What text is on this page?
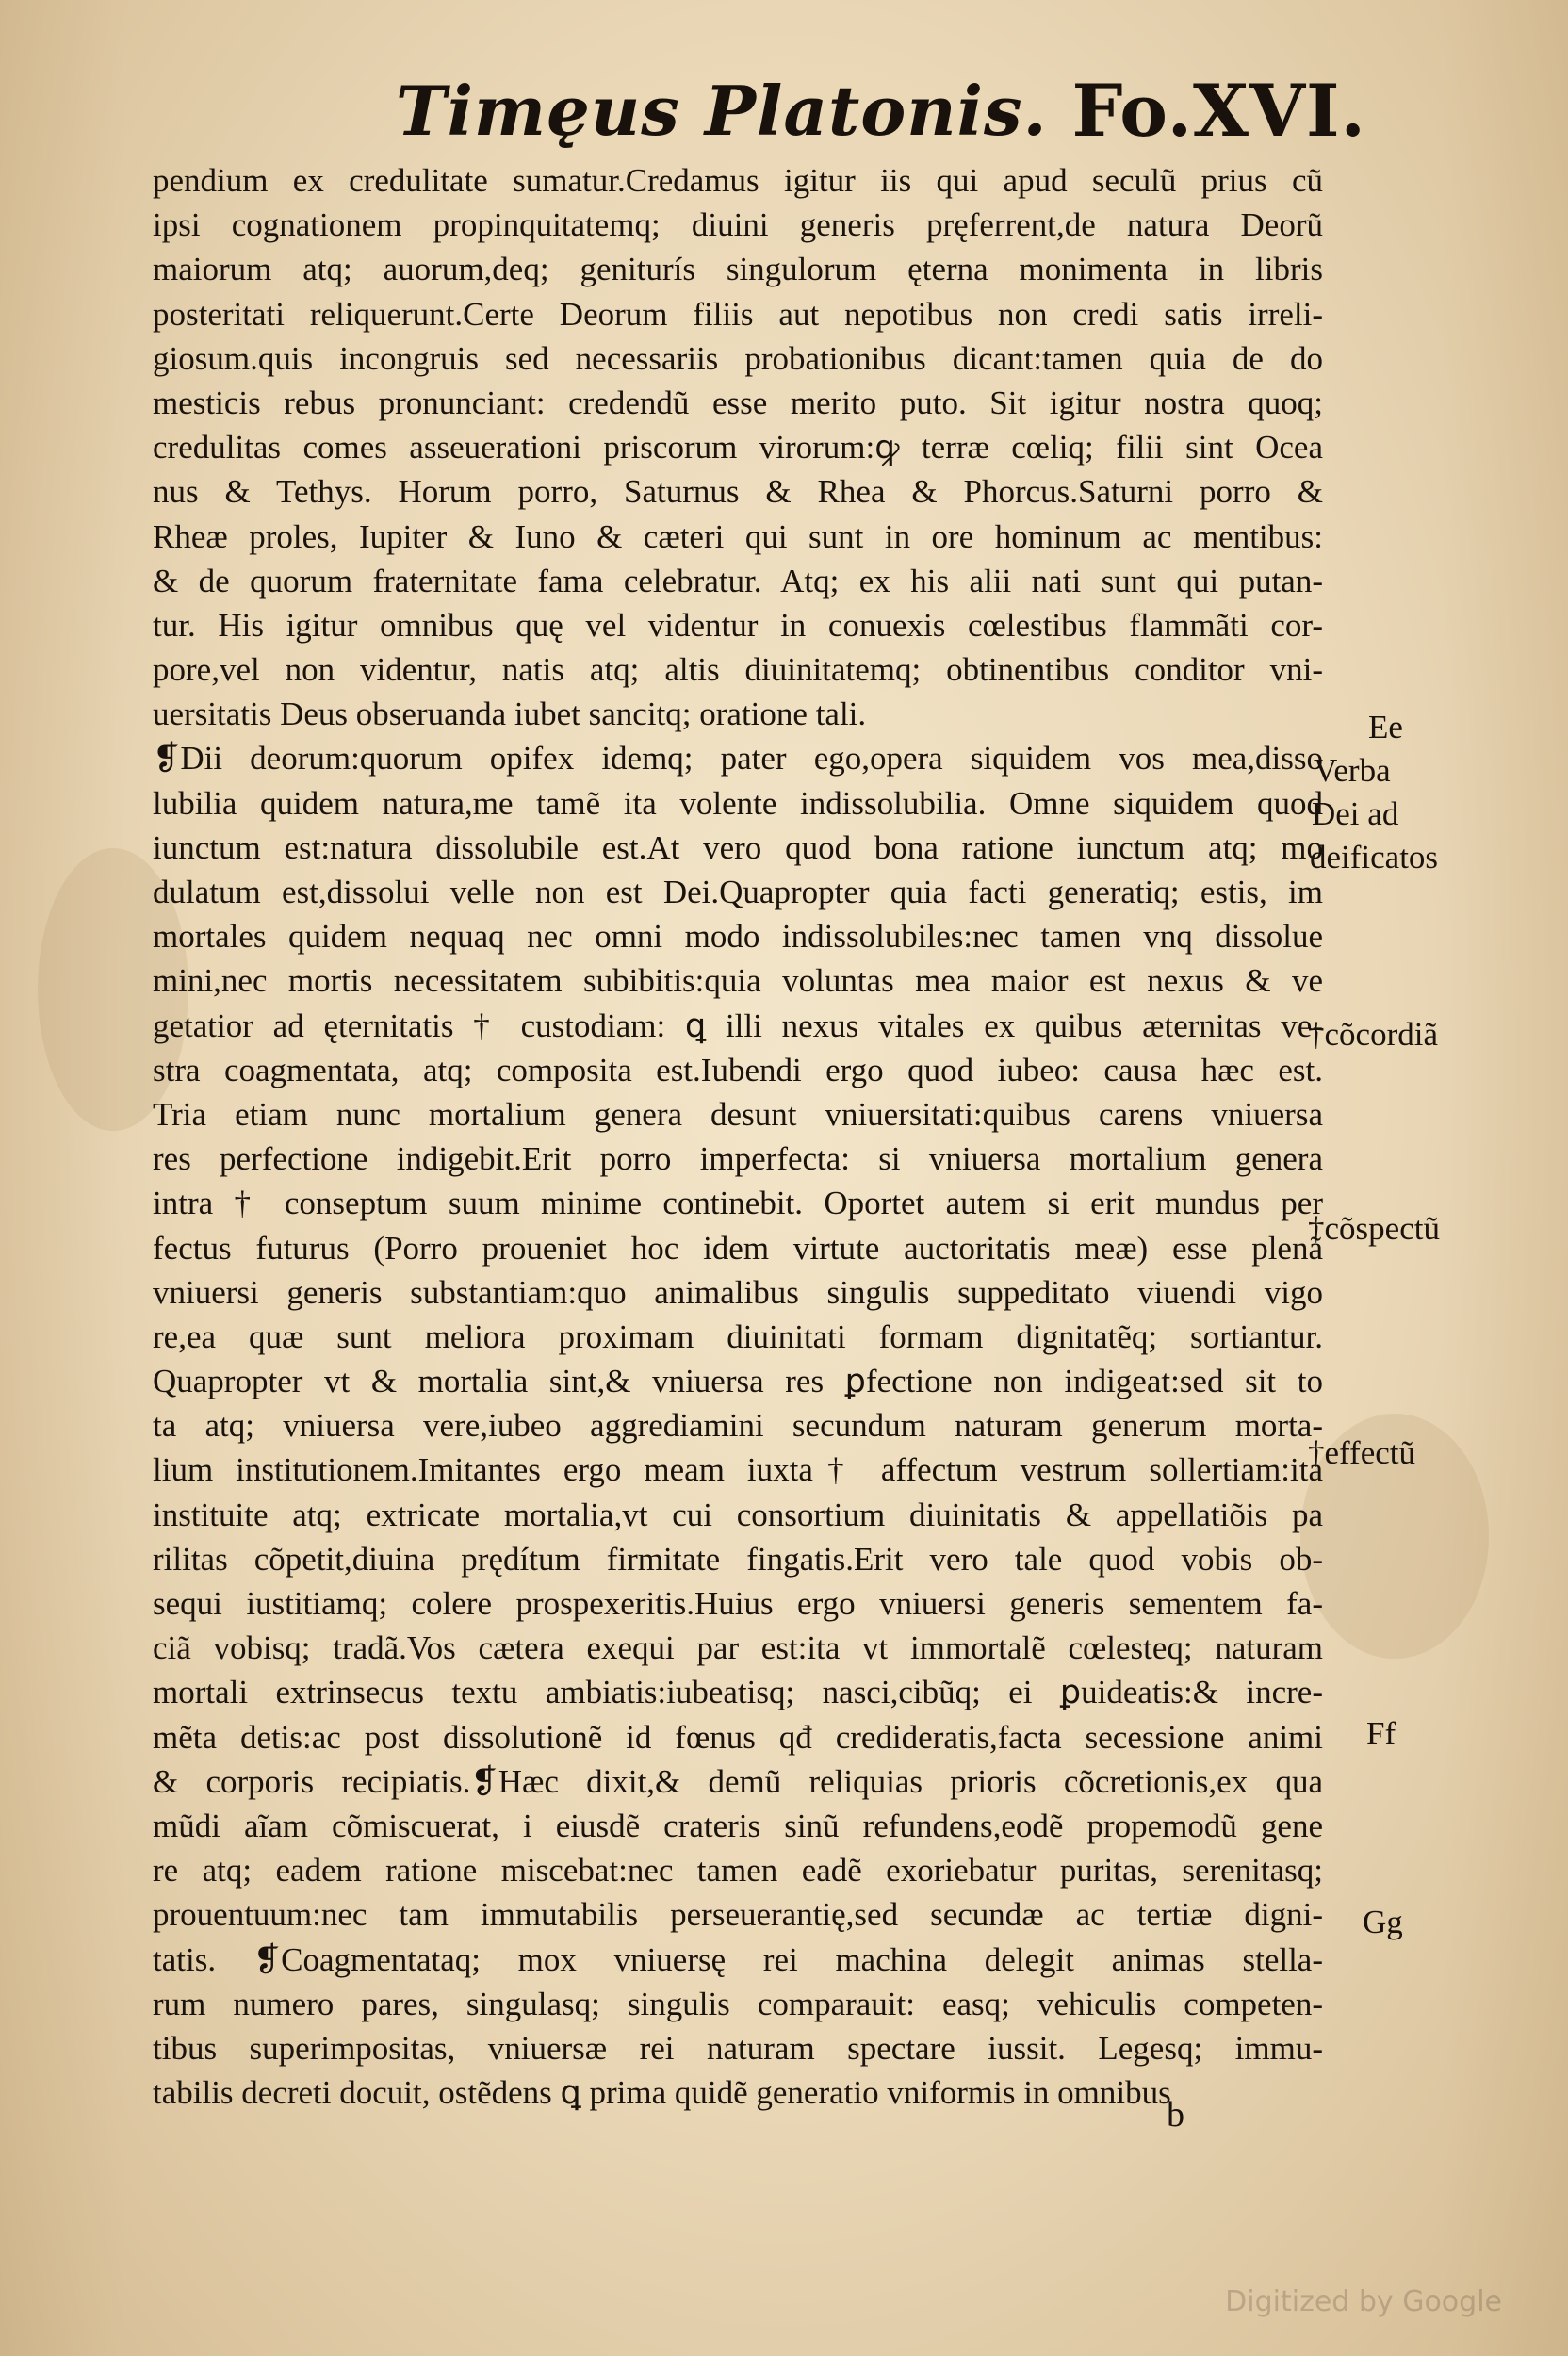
Timęus Platonis. Fo.XVI.
pendium ex credulitate sumatur.Credamus igitur iis qui apud seculũ prius cũ
ipsi cognationem propinquitatemq; diuini generis pręferrent,de natura Deorũ
maiorum atq; auorum,deq; geniturís singulorum ęterna monimenta in libris
posteritati reliquerunt.Certe Deorum filiis aut nepotibus non credi satis irreli-
giosum.quis incongruis sed necessariis probationibus dicant:tamen quia de do
mesticis rebus pronunciant: credendũ esse merito puto. Sit igitur nostra quoq;
credulitas comes asseuerationi priscorum virorum:ꝙ terræ cœliq; filii sint Ocea
nus & Tethys. Horum porro, Saturnus & Rhea & Phorcus.Saturni porro &
Rheæ proles, Iupiter & Iuno & cæteri qui sunt in ore hominum ac mentibus:
& de quorum fraternitate fama celebratur. Atq; ex his alii nati sunt qui putan-
tur. His igitur omnibus quę vel videntur in conuexis cœlestibus flammãti cor-
pore,vel non videntur, natis atq; altis diuinitatemq; obtinentibus conditor vni-
uersitatis Deus obseruanda iubet sancitq; oratione tali.
❡Dii deorum:quorum opifex idemq; pater ego,opera siquidem vos mea,disso
lubilia quidem natura,me tamẽ ita volente indissolubilia. Omne siquidem quod
iunctum est:natura dissolubile est.At vero quod bona ratione iunctum atq; mo
dulatum est,dissolui velle non est Dei.Quapropter quia facti generatiq; estis, im
mortales quidem nequaq nec omni modo indissolubiles:nec tamen vnq dissolue
mini,nec mortis necessitatem subibitis:quia voluntas mea maior est nexus & ve
getatior ad ęternitatis † custodiam: ꝗ illi nexus vitales ex quibus æternitas ve-
stra coagmentata, atq; composita est.Iubendi ergo quod iubeo: causa hæc est.
Tria etiam nunc mortalium genera desunt vniuersitati:quibus carens vniuersa
res perfectione indigebit.Erit porro imperfecta: si vniuersa mortalium genera
intra † conseptum suum minime continebit. Oportet autem si erit mundus per
fectus futurus (Porro proueniet hoc idem virtute auctoritatis meæ) esse plenã
vniuersi generis substantiam:quo animalibus singulis suppeditato viuendi vigo
re,ea quæ sunt meliora proximam diuinitati formam dignitatẽq; sortiantur.
Quapropter vt & mortalia sint,& vniuersa res ꝑfectione non indigeat:sed sit to
ta atq; vniuersa vere,iubeo aggrediamini secundum naturam generum morta-
lium institutionem.Imitantes ergo meam iuxta† affectum vestrum sollertiam:ita
instituite atq; extricate mortalia,vt cui consortium diuinitatis & appellatiõis pa
rilitas cõpetit,diuina prędítum firmitate fingatis.Erit vero tale quod vobis ob-
sequi iustitiamq; colere prospexeritis.Huius ergo vniuersi generis sementem fa-
ciã vobisq; tradã.Vos cætera exequi par est:ita vt immortalẽ cœlesteq; naturam
mortali extrinsecus textu ambiatis:iubeatisq; nasci,cibũq; ei ꝑuideatis:& incre-
mẽta detis:ac post dissolutionẽ id fœnus qđ credideratis,facta secessione animi
& corporis recipiatis.❡Hæc dixit,& demũ reliquias prioris cõcretionis,ex qua
mũdi aĩam cõmiscuerat, i eiusdẽ crateris sinũ refundens,eodẽ propemodũ gene
re atq; eadem ratione miscebat:nec tamen eadẽ exoriebatur puritas, serenitasq;
prouentuum:nec tam immutabilis perseuerantię,sed secundæ ac tertiæ digni-
tatis. ❡Coagmentataq; mox vniuersę rei machina delegit animas stella-
rum numero pares, singulasq; singulis comparauit: easq; vehiculis competen-
tibus superimpositas, vniuersæ rei naturam spectare iussit. Legesq; immu-
tabilis decreti docuit, ostẽdens ꝗ prima quidẽ generatio vniformis in omnibus
Ee
Verba
Dei ad
deificatos
†cõcordiã
†cõspectũ
†effectũ
Ff
Gg
b
Digitized by Google
